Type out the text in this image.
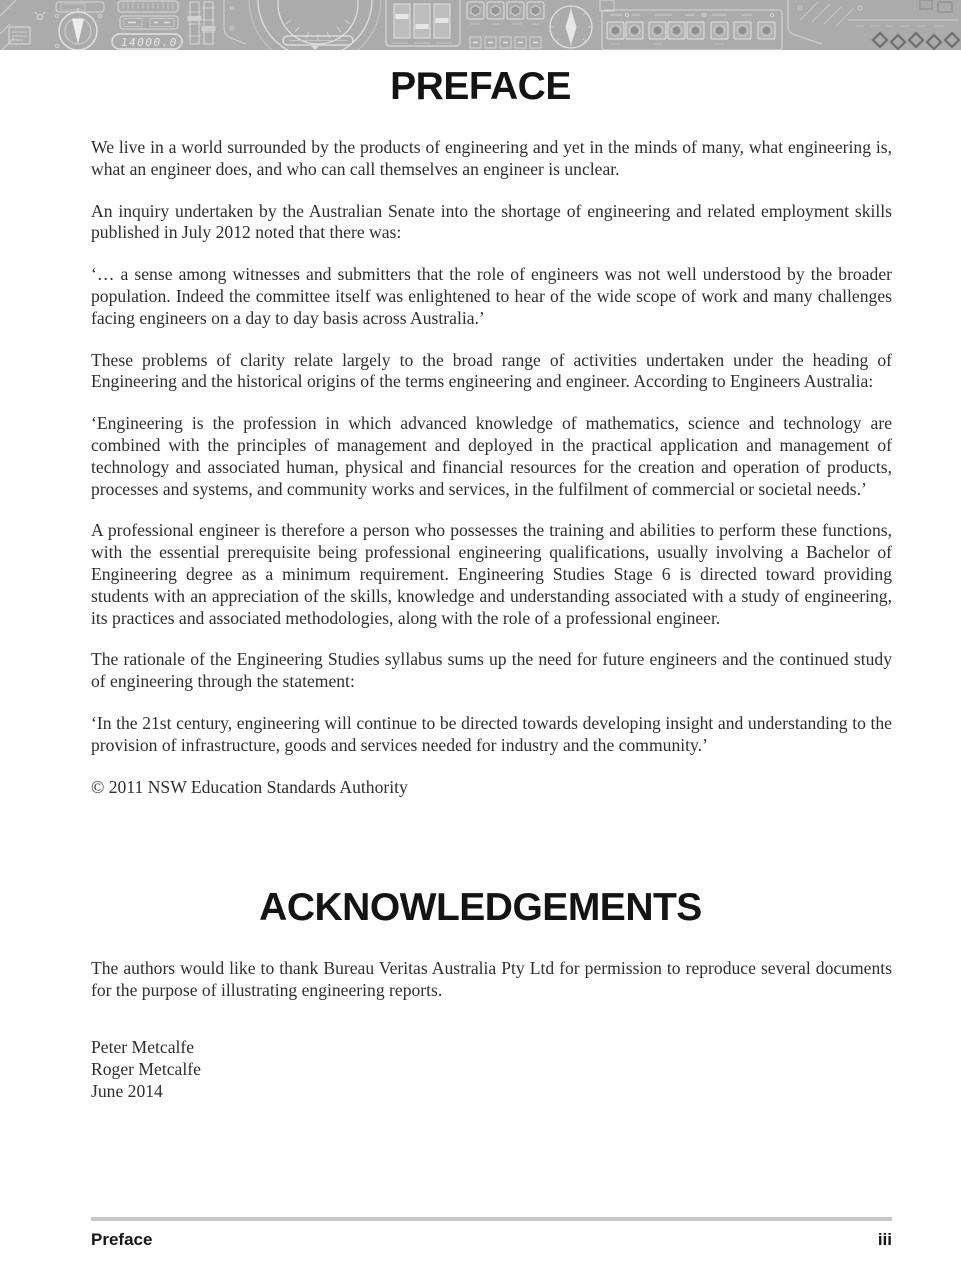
14000.0
PREFACE

We live in a world surrounded by the products of engineering and yet in the minds of many, what engineering is, what an engineer does, and who can call themselves an engineer is unclear.

An inquiry undertaken by the Australian Senate into the shortage of engineering and related employment skills published in July 2012 noted that there was:

‘… a sense among witnesses and submitters that the role of engineers was not well understood by the broader population. Indeed the committee itself was enlightened to hear of the wide scope of work and many challenges facing engineers on a day to day basis across Australia.’

These problems of clarity relate largely to the broad range of activities undertaken under the heading of Engineering and the historical origins of the terms engineering and engineer. According to Engineers Australia:

‘Engineering is the profession in which advanced knowledge of mathematics, science and technology are combined with the principles of management and deployed in the practical application and management of technology and associated human, physical and financial resources for the creation and operation of products, processes and systems, and community works and services, in the fulfilment of commercial or societal needs.’

A professional engineer is therefore a person who possesses the training and abilities to perform these functions, with the essential prerequisite being professional engineering qualifications, usually involving a Bachelor of Engineering degree as a minimum requirement. Engineering Studies Stage 6 is directed toward providing students with an appreciation of the skills, knowledge and understanding associated with a study of engineering, its practices and associated methodologies, along with the role of a professional engineer.

The rationale of the Engineering Studies syllabus sums up the need for future engineers and the continued study of engineering through the statement:

‘In the 21st century, engineering will continue to be directed towards developing insight and understanding to the provision of infrastructure, goods and services needed for industry and the community.’

© 2011 NSW Education Standards Authority

ACKNOWLEDGEMENTS

The authors would like to thank Bureau Veritas Australia Pty Ltd for permission to reproduce several documents for the purpose of illustrating engineering reports.

Peter Metcalfe
Roger Metcalfe
June 2014
Preface	iii
